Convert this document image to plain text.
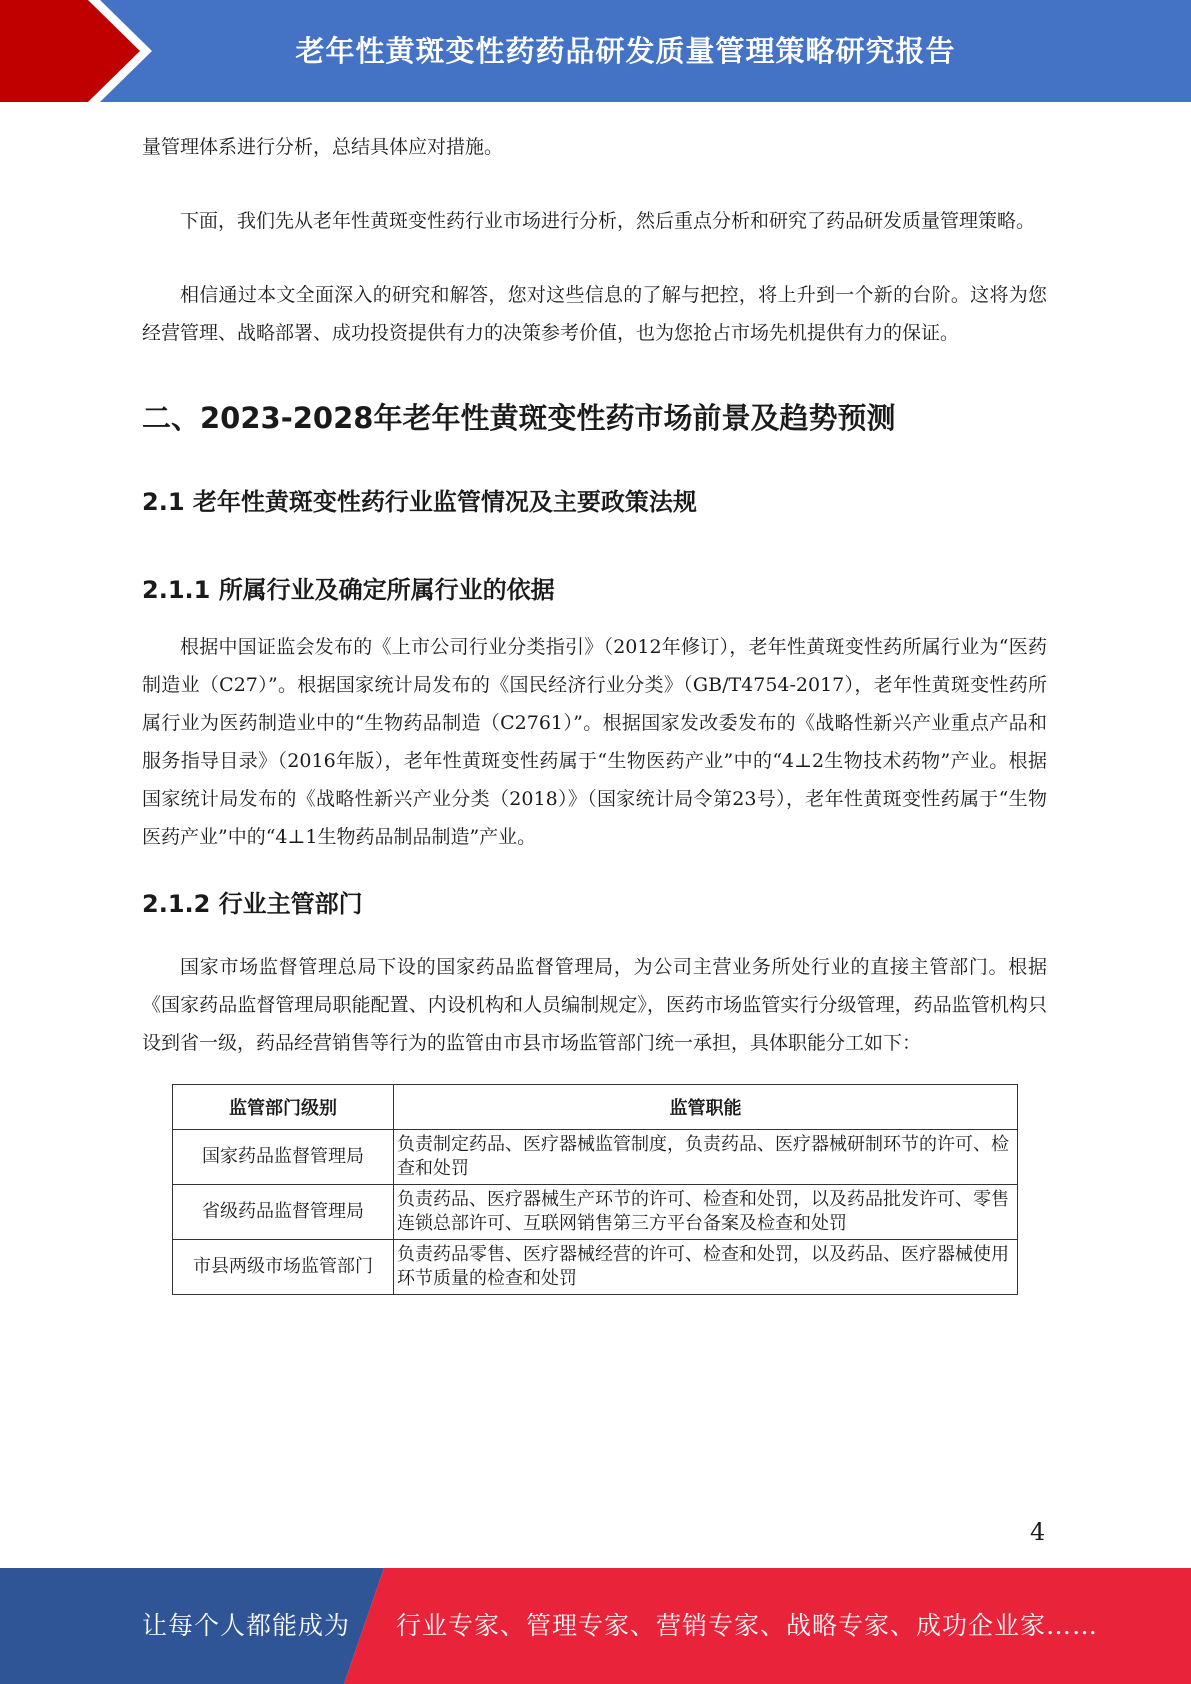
老年性黄斑变性药药品研发质量管理策略研究报告

量管理体系进行分析，总结具体应对措施。

下面，我们先从老年性黄斑变性药行业市场进行分析，然后重点分析和研究了药品研发质量管理策略。

相信通过本文全面深入的研究和解答，您对这些信息的了解与把控，将上升到一个新的台阶。这将为您经营管理、战略部署、成功投资提供有力的决策参考价值，也为您抢占市场先机提供有力的保证。

二、2023-2028年老年性黄斑变性药市场前景及趋势预测
2.1 老年性黄斑变性药行业监管情况及主要政策法规
2.1.1 所属行业及确定所属行业的依据

根据中国证监会发布的《上市公司行业分类指引》（2012年修订），老年性黄斑变性药所属行业为“医药制造业（C27）”。根据国家统计局发布的《国民经济行业分类》（GB/T4754-2017），老年性黄斑变性药所属行业为医药制造业中的“生物药品制造（C2761）”。根据国家发改委发布的《战略性新兴产业重点产品和服务指导目录》（2016年版），老年性黄斑变性药属于“生物医药产业”中的“4⊥2生物技术药物”产业。根据国家统计局发布的《战略性新兴产业分类（2018）》（国家统计局令第23号），老年性黄斑变性药属于“生物医药产业”中的“4⊥1生物药品制品制造”产业。

2.1.2 行业主管部门

国家市场监督管理总局下设的国家药品监督管理局，为公司主营业务所处行业的直接主管部门。根据《国家药品监督管理局职能配置、内设机构和人员编制规定》，医药市场监管实行分级管理，药品监管机构只设到省一级，药品经营销售等行为的监管由市县市场监管部门统一承担，具体职能分工如下：

监管部门级别	监管职能
国家药品监督管理局	负责制定药品、医疗器械监管制度，负责药品、医疗器械研制环节的许可、检查和处罚
省级药品监督管理局	负责药品、医疗器械生产环节的许可、检查和处罚，以及药品批发许可、零售连锁总部许可、互联网销售第三方平台备案及检查和处罚
市县两级市场监管部门	负责药品零售、医疗器械经营的许可、检查和处罚，以及药品、医疗器械使用环节质量的检查和处罚
4
让每个人都能成为 行业专家、管理专家、营销专家、战略专家、成功企业家……
